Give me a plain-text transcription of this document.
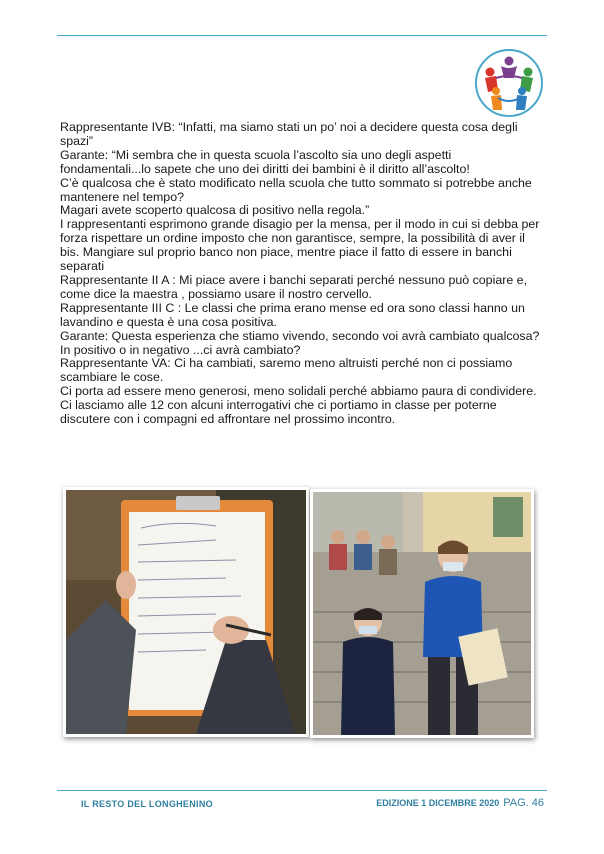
Rappresentante IVB: “Infatti, ma siamo stati un po’ noi a decidere questa cosa degli spazi”

Garante: “Mi sembra che in questa scuola l’ascolto sia uno degli aspetti fondamentali...lo sapete che uno dei diritti dei bambini è il diritto all’ascolto!

C’è qualcosa che è stato modificato nella scuola che tutto sommato si potrebbe anche mantenere nel tempo?

Magari avete scoperto qualcosa di positivo nella regola.”

I rappresentanti esprimono grande disagio per la mensa, per il modo in cui si debba per forza rispettare un ordine imposto che non garantisce, sempre, la possibilità di aver il bis. Mangiare sul proprio banco non piace, mentre piace il fatto di essere in banchi separati

Rappresentante II A : Mi piace avere i banchi separati perché nessuno può copiare e, come dice la maestra , possiamo usare il nostro cervello.

Rappresentante III C : Le classi che prima erano mense ed ora sono classi hanno un lavandino e questa è una cosa positiva.

Garante: Questa esperienza che stiamo vivendo, secondo voi avrà cambiato qualcosa?

In positivo o in negativo ...ci avrà cambiato?

Rappresentante VA: Ci ha cambiati, saremo meno altruisti perché non ci possiamo scambiare le cose.

Ci porta ad essere meno generosi, meno solidali perché abbiamo paura di condividere.

Ci lasciamo alle 12 con alcuni interrogativi che ci portiamo in classe per poterne discutere con i compagni ed affrontare nel prossimo incontro.

IL RESTO DEL LONGHENINO	EDIZIONE 1 DICEMBRE 2020 PAG. 46
